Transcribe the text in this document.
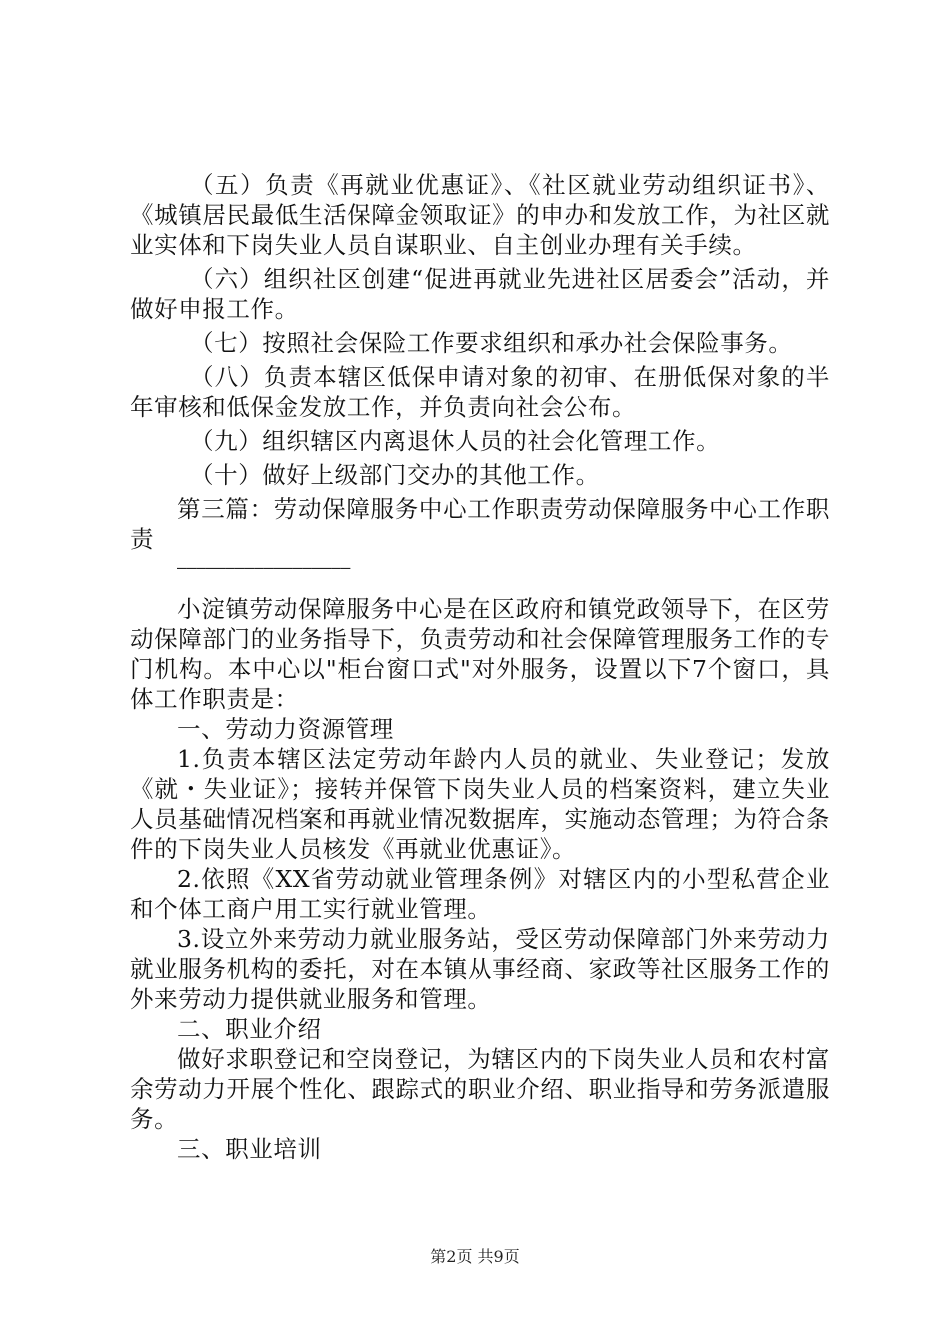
（五）负责《再就业优惠证》、《社区就业劳动组织证书》、《城镇居民最低生活保障金领取证》的申办和发放工作，为社区就业实体和下岗失业人员自谋职业、自主创业办理有关手续。

（六）组织社区创建“促进再就业先进社区居委会”活动，并做好申报工作。

（七）按照社会保险工作要求组织和承办社会保险事务。

（八）负责本辖区低保申请对象的初审、在册低保对象的半年审核和低保金发放工作，并负责向社会公布。

（九）组织辖区内离退休人员的社会化管理工作。

（十）做好上级部门交办的其他工作。

第三篇：劳动保障服务中心工作职责劳动保障服务中心工作职责

——————————————————

小淀镇劳动保障服务中心是在区政府和镇党政领导下，在区劳动保障部门的业务指导下，负责劳动和社会保障管理服务工作的专门机构。本中心以"柜台窗口式"对外服务，设置以下7个窗口，具体工作职责是：

一、劳动力资源管理

1.负责本辖区法定劳动年龄内人员的就业、失业登记；发放《就・失业证》；接转并保管下岗失业人员的档案资料，建立失业人员基础情况档案和再就业情况数据库，实施动态管理；为符合条件的下岗失业人员核发《再就业优惠证》。

2.依照《XX省劳动就业管理条例》对辖区内的小型私营企业和个体工商户用工实行就业管理。

3.设立外来劳动力就业服务站，受区劳动保障部门外来劳动力就业服务机构的委托，对在本镇从事经商、家政等社区服务工作的外来劳动力提供就业服务和管理。

二、职业介绍

做好求职登记和空岗登记，为辖区内的下岗失业人员和农村富余劳动力开展个性化、跟踪式的职业介绍、职业指导和劳务派遣服务。

三、职业培训

第2页 共9页
